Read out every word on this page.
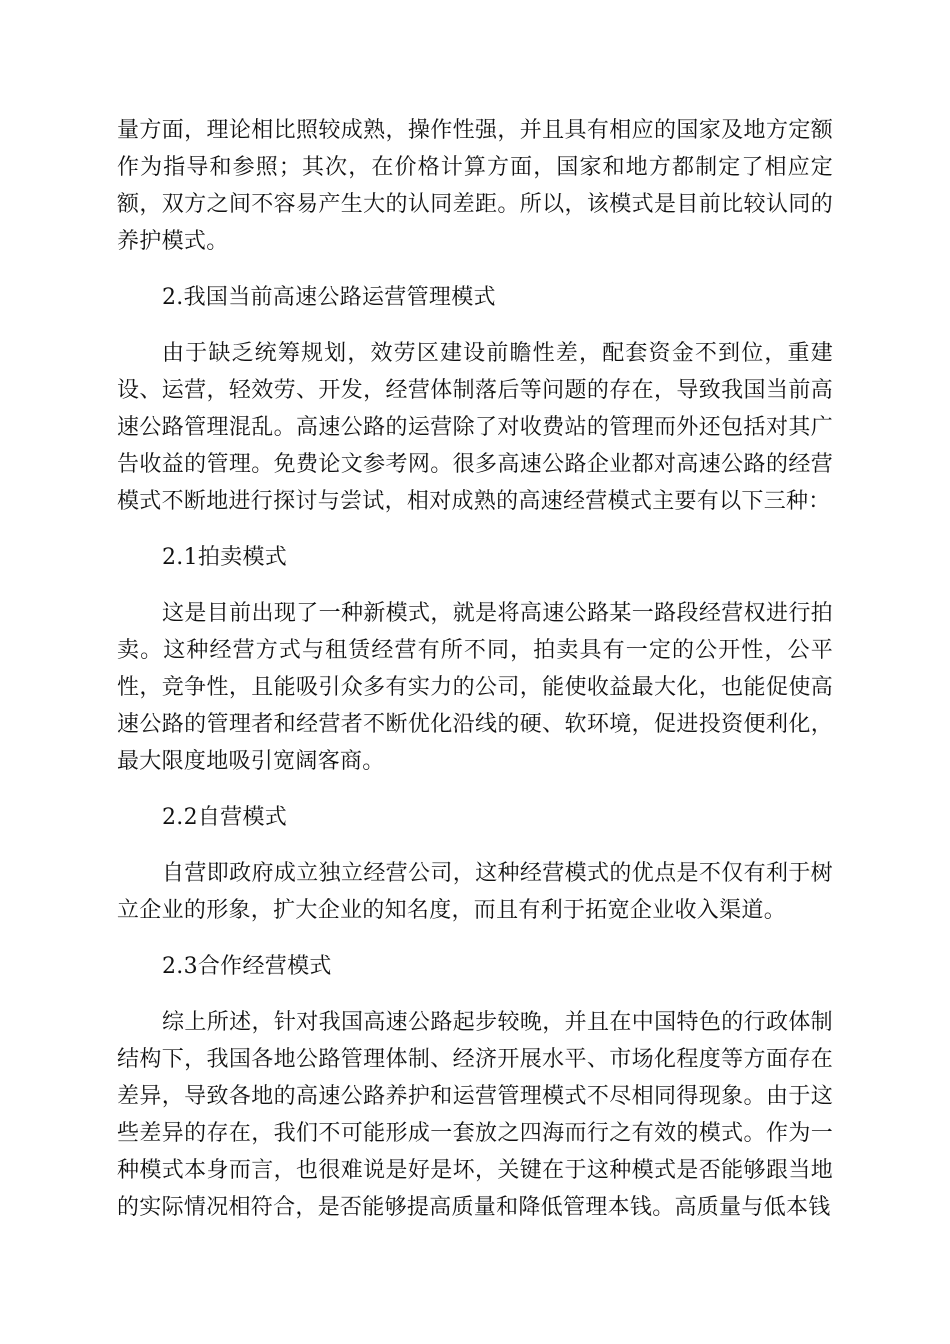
量方面，理论相比照较成熟，操作性强，并且具有相应的国家及地方定额作为指导和参照；其次，在价格计算方面，国家和地方都制定了相应定额，双方之间不容易产生大的认同差距。所以，该模式是目前比较认同的养护模式。

2.我国当前高速公路运营管理模式

由于缺乏统筹规划，效劳区建设前瞻性差，配套资金不到位，重建设、运营，轻效劳、开发，经营体制落后等问题的存在，导致我国当前高速公路管理混乱。高速公路的运营除了对收费站的管理而外还包括对其广告收益的管理。免费论文参考网。很多高速公路企业都对高速公路的经营模式不断地进行探讨与尝试，相对成熟的高速经营模式主要有以下三种：

2.1拍卖模式

这是目前出现了一种新模式，就是将高速公路某一路段经营权进行拍卖。这种经营方式与租赁经营有所不同，拍卖具有一定的公开性，公平性，竞争性，且能吸引众多有实力的公司，能使收益最大化，也能促使高速公路的管理者和经营者不断优化沿线的硬、软环境，促进投资便利化，最大限度地吸引宽阔客商。

2.2自营模式

自营即政府成立独立经营公司，这种经营模式的优点是不仅有利于树立企业的形象，扩大企业的知名度，而且有利于拓宽企业收入渠道。

2.3合作经营模式

综上所述，针对我国高速公路起步较晚，并且在中国特色的行政体制结构下，我国各地公路管理体制、经济开展水平、市场化程度等方面存在差异，导致各地的高速公路养护和运营管理模式不尽相同得现象。由于这些差异的存在，我们不可能形成一套放之四海而行之有效的模式。作为一种模式本身而言，也很难说是好是坏，关键在于这种模式是否能够跟当地的实际情况相符合，是否能够提高质量和降低管理本钱。高质量与低本钱
